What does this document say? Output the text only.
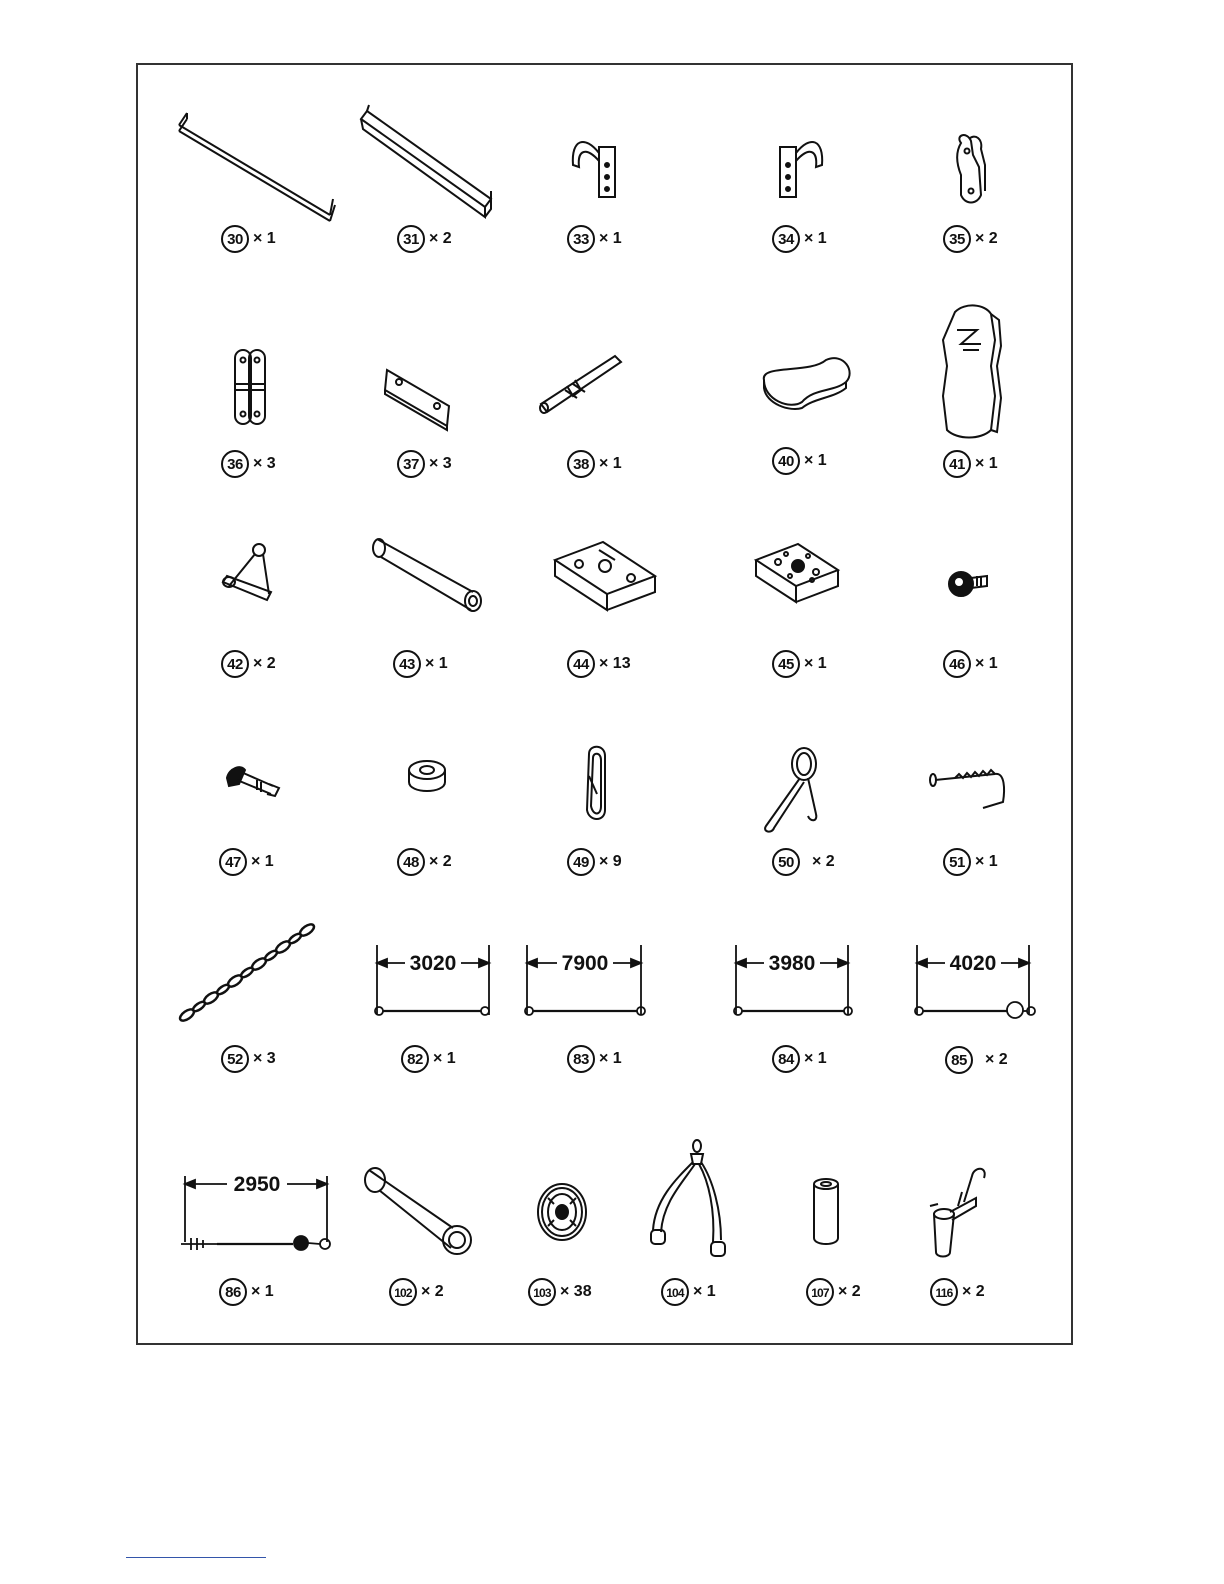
30 × 1	31 × 2	33 × 1	34 × 1	35 × 2
36 × 3	37 × 3	38 × 1	40 × 1	41 × 1
42 × 2	43 × 1	44 × 13	45 × 1	46 × 1
47 × 1	48 × 2	49 × 9	50	× 2	51 × 1
52 × 3
3020
82 × 1
7900
83 × 1
3980
84 × 1
4020
85	× 2
2950
86 × 1	102 × 2	103 × 38	104 × 1	107 × 2	116 × 2
